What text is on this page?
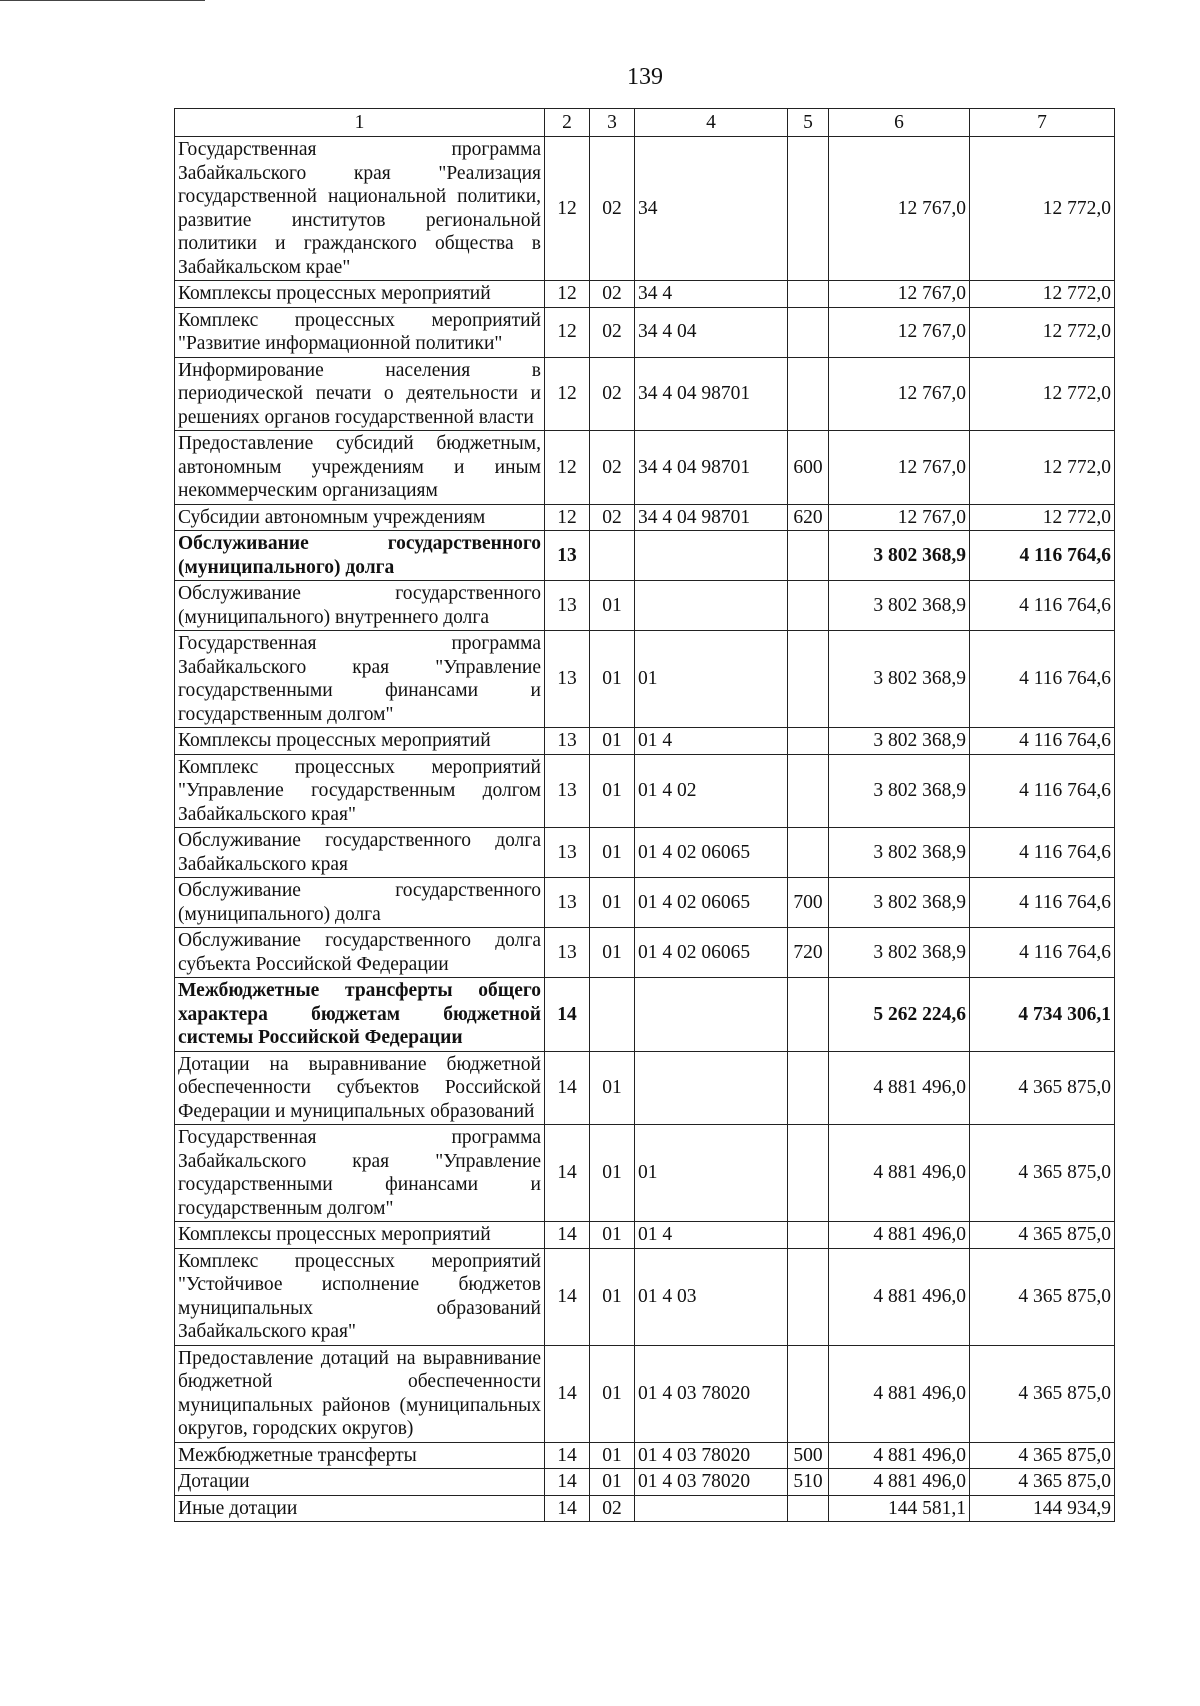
139
1	2	3	4	5	6	7
Государственная программа Забайкальского края "Реализация государственной национальной политики, развитие институтов региональной политики и гражданского общества в Забайкальском крае"	12	02	34		12 767,0	12 772,0
Комплексы процессных мероприятий	12	02	34 4		12 767,0	12 772,0
Комплекс процессных мероприятий "Развитие информационной политики"	12	02	34 4 04		12 767,0	12 772,0
Информирование населения в периодической печати о деятельности и решениях органов государственной власти	12	02	34 4 04 98701		12 767,0	12 772,0
Предоставление субсидий бюджетным, автономным учреждениям и иным некоммерческим организациям	12	02	34 4 04 98701	600	12 767,0	12 772,0
Субсидии автономным учреждениям	12	02	34 4 04 98701	620	12 767,0	12 772,0
Обслуживание государственного (муниципального) долга	13				3 802 368,9	4 116 764,6
Обслуживание государственного (муниципального) внутреннего долга	13	01			3 802 368,9	4 116 764,6
Государственная программа Забайкальского края "Управление государственными финансами и государственным долгом"	13	01	01		3 802 368,9	4 116 764,6
Комплексы процессных мероприятий	13	01	01 4		3 802 368,9	4 116 764,6
Комплекс процессных мероприятий "Управление государственным долгом Забайкальского края"	13	01	01 4 02		3 802 368,9	4 116 764,6
Обслуживание государственного долга Забайкальского края	13	01	01 4 02 06065		3 802 368,9	4 116 764,6
Обслуживание государственного (муниципального) долга	13	01	01 4 02 06065	700	3 802 368,9	4 116 764,6
Обслуживание государственного долга субъекта Российской Федерации	13	01	01 4 02 06065	720	3 802 368,9	4 116 764,6
Межбюджетные трансферты общего характера бюджетам бюджетной системы Российской Федерации	14				5 262 224,6	4 734 306,1
Дотации на выравнивание бюджетной обеспеченности субъектов Российской Федерации и муниципальных образований	14	01			4 881 496,0	4 365 875,0
Государственная программа Забайкальского края "Управление государственными финансами и государственным долгом"	14	01	01		4 881 496,0	4 365 875,0
Комплексы процессных мероприятий	14	01	01 4		4 881 496,0	4 365 875,0
Комплекс процессных мероприятий "Устойчивое исполнение бюджетов муниципальных образований Забайкальского края"	14	01	01 4 03		4 881 496,0	4 365 875,0
Предоставление дотаций на выравнивание бюджетной обеспеченности муниципальных районов (муниципальных округов, городских округов)	14	01	01 4 03 78020		4 881 496,0	4 365 875,0
Межбюджетные трансферты	14	01	01 4 03 78020	500	4 881 496,0	4 365 875,0
Дотации	14	01	01 4 03 78020	510	4 881 496,0	4 365 875,0
Иные дотации	14	02			144 581,1	144 934,9
